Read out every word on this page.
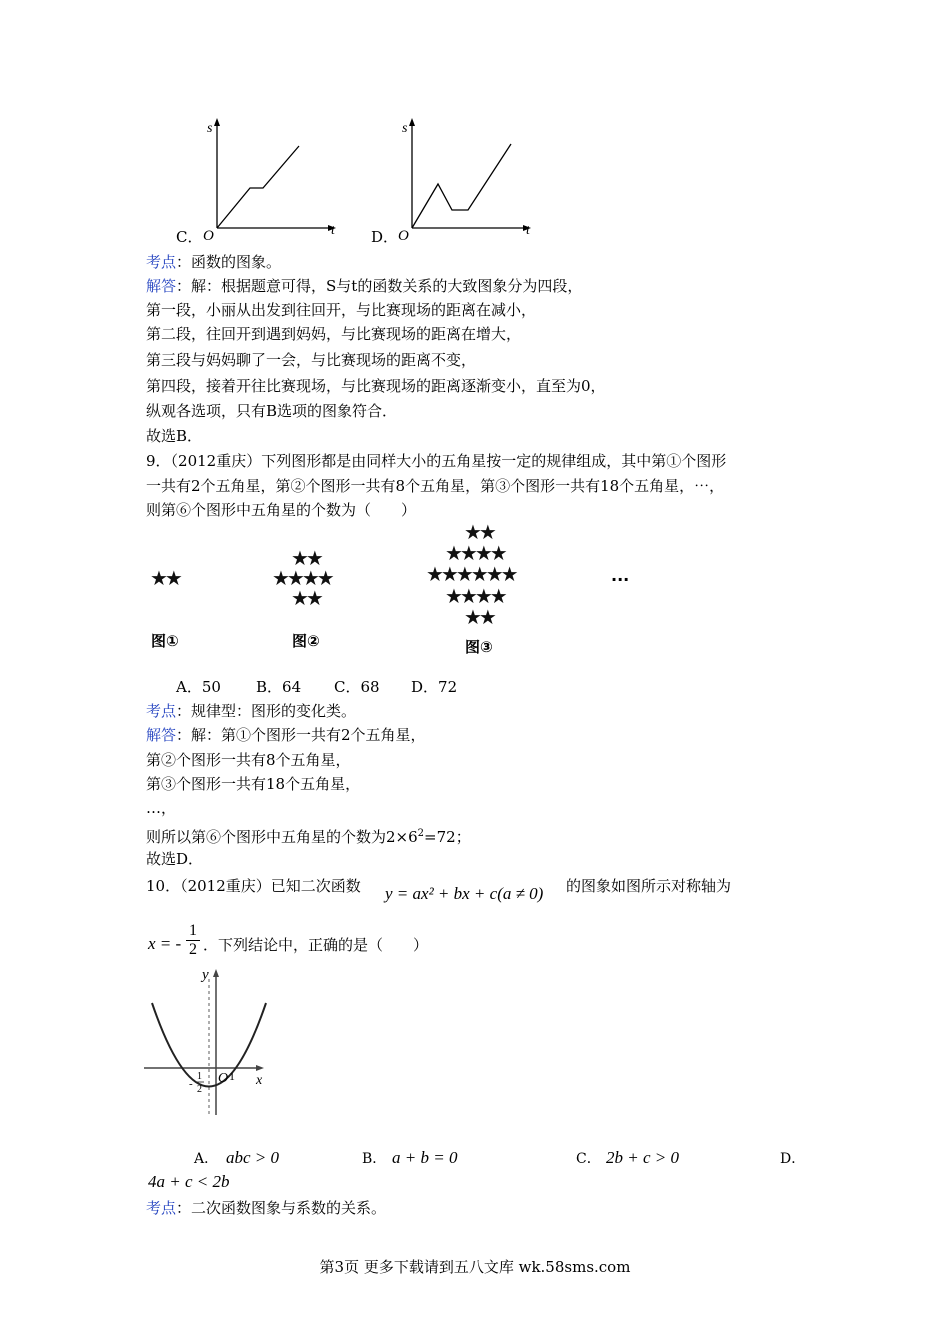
C．
s
t
O	D．
s
t
O
考点：函数的图象。
解答：解：根据题意可得，S与t的函数关系的大致图象分为四段，
第一段，小丽从出发到往回开，与比赛现场的距离在减小，
第二段，往回开到遇到妈妈，与比赛现场的距离在增大，
第三段与妈妈聊了一会，与比赛现场的距离不变，
第四段，接着开往比赛现场，与比赛现场的距离逐渐变小，直至为0，
纵观各选项，只有B选项的图象符合．
故选B．
9．（2012重庆）下列图形都是由同样大小的五角星按一定的规律组成，其中第①个图形
一共有2个五角星，第②个图形一共有8个五角星，第③个图形一共有18个五角星，⋯，
则第⑥个图形中五角星的个数为（　　）
★★
★★
★★★★
★★
★★
★★★★
★★★★★★
★★★★
★★
···
图①	图②	图③
A．50 B．64 C．68 D．72
考点：规律型：图形的变化类。
解答：解：第①个图形一共有2个五角星，
第②个图形一共有8个五角星，
第③个图形一共有18个五角星，
…，
则所以第⑥个图形中五角星的个数为$2\times 6^2=72$；
故选D．
10．（2012重庆）已知二次函数 y = ax² + bx + c(a ≠ 0) 的图象如图所示对称轴为
x = - $\frac{1}{2}$ ．下列结论中，正确的是（　　）
y
x
O 1
-
1
2
A． abc > 0	B． a + b = 0	C． 2b + c > 0	D．
4a + c < 2b
考点：二次函数图象与系数的关系。
第3页 更多下载请到五八文库 wk.58sms.com
